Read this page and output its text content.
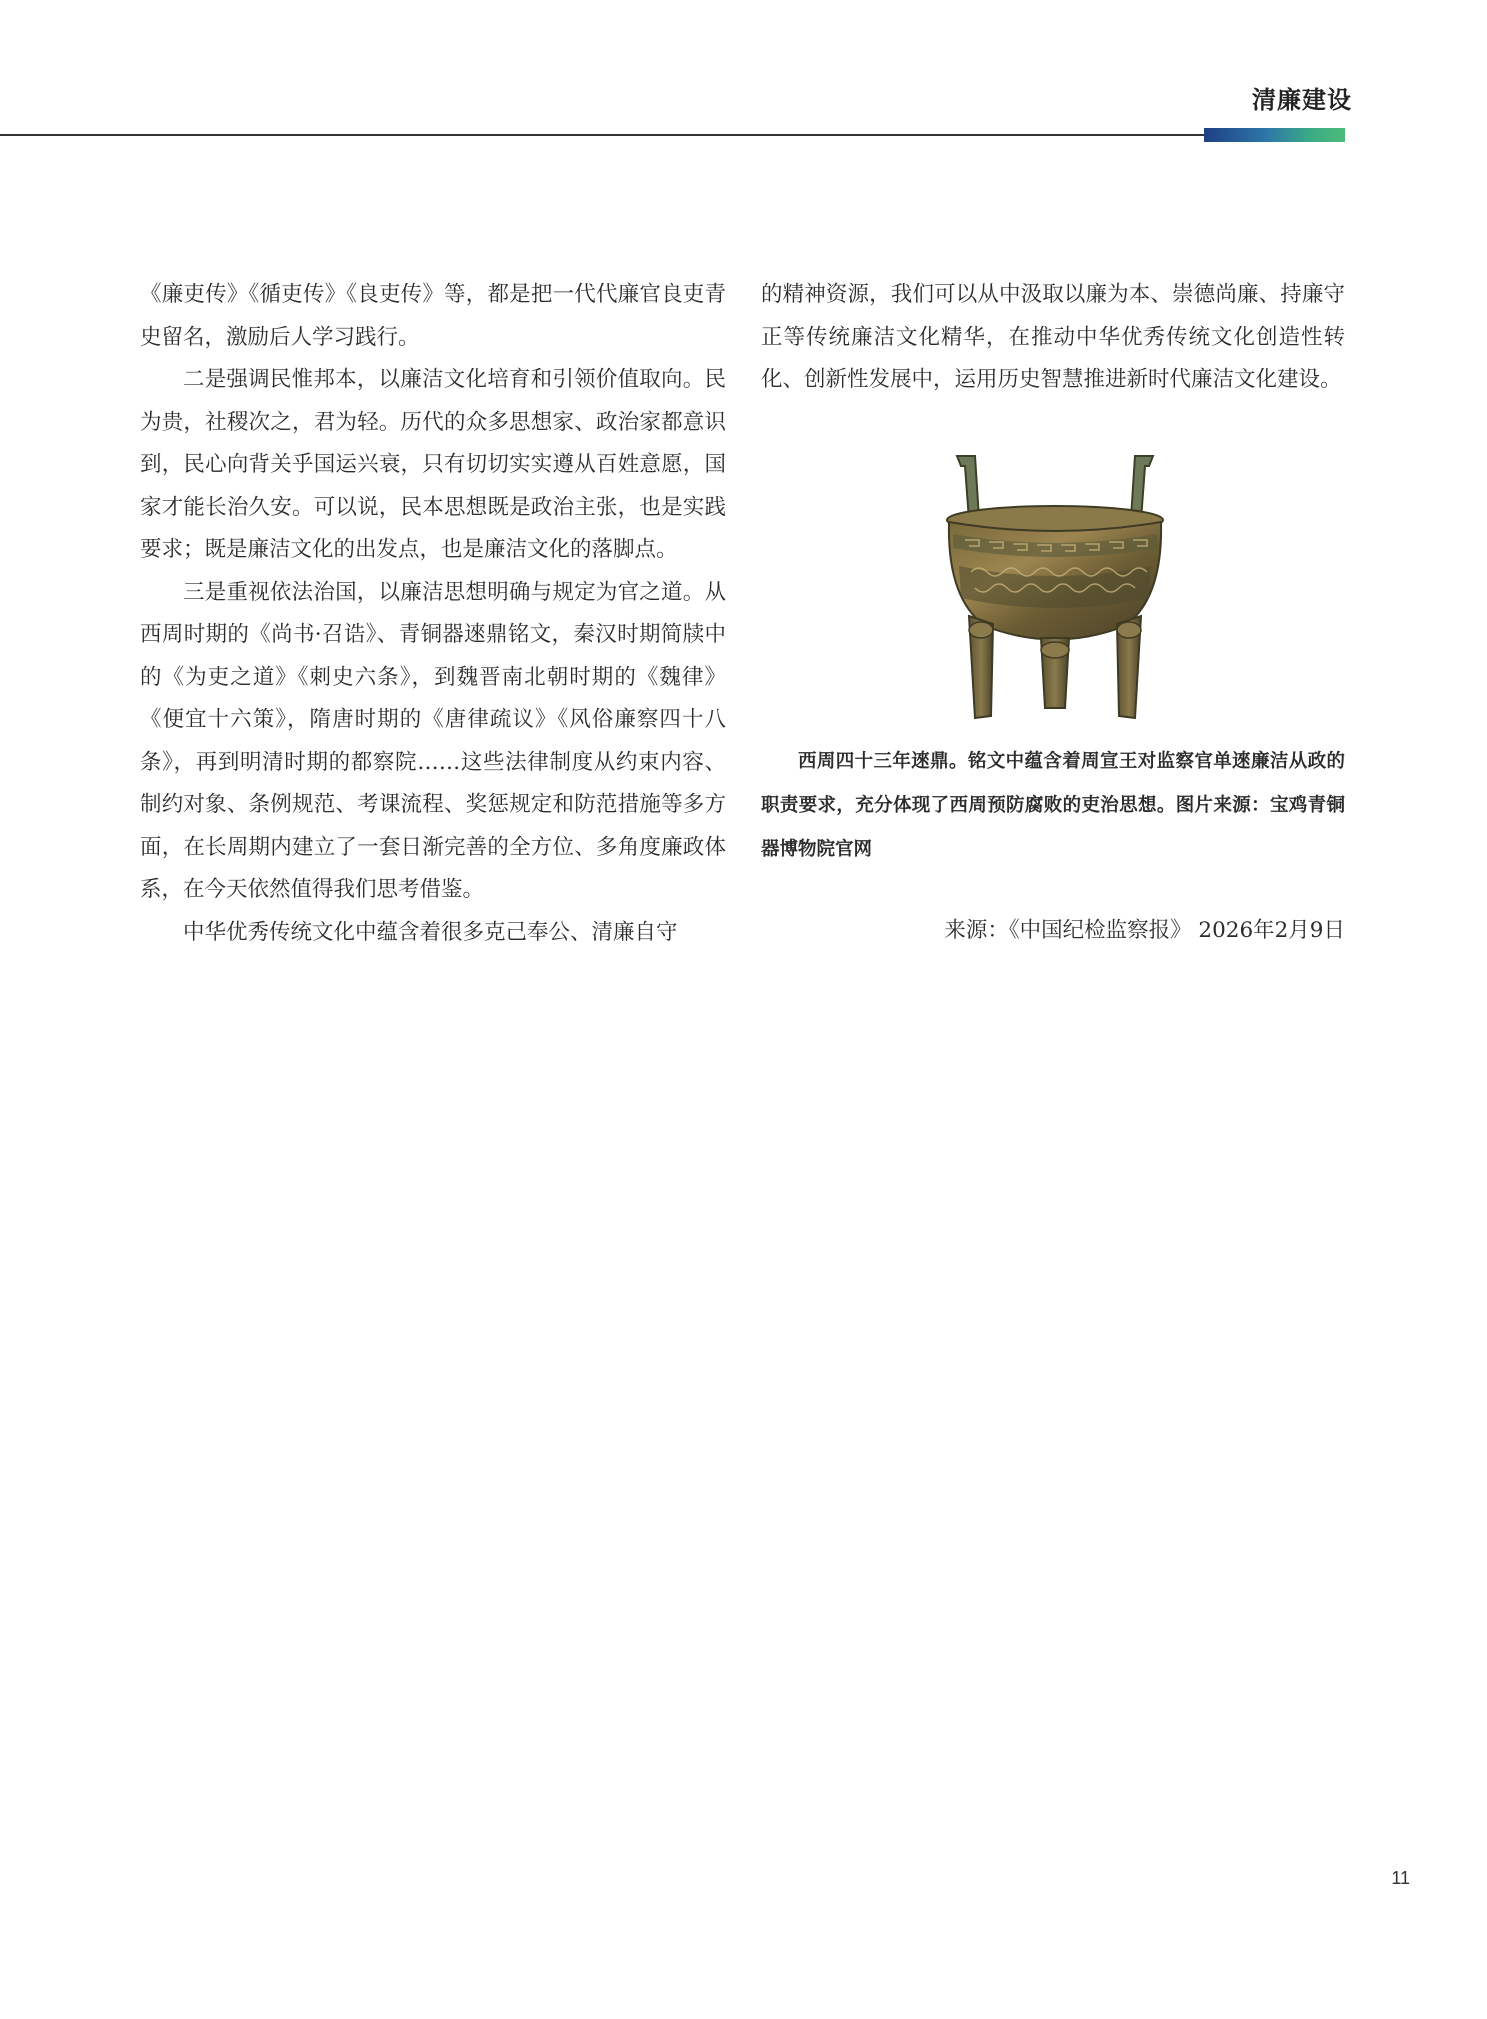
清廉建设

《廉吏传》《循吏传》《良吏传》等，都是把一代代廉官良吏青史留名，激励后人学习践行。

二是强调民惟邦本，以廉洁文化培育和引领价值取向。民为贵，社稷次之，君为轻。历代的众多思想家、政治家都意识到，民心向背关乎国运兴衰，只有切切实实遵从百姓意愿，国家才能长治久安。可以说，民本思想既是政治主张，也是实践要求；既是廉洁文化的出发点，也是廉洁文化的落脚点。

三是重视依法治国，以廉洁思想明确与规定为官之道。从西周时期的《尚书·召诰》、青铜器逨鼎铭文，秦汉时期简牍中的《为吏之道》《刺史六条》，到魏晋南北朝时期的《魏律》《便宜十六策》，隋唐时期的《唐律疏议》《风俗廉察四十八条》，再到明清时期的都察院……这些法律制度从约束内容、制约对象、条例规范、考课流程、奖惩规定和防范措施等多方面，在长周期内建立了一套日渐完善的全方位、多角度廉政体系，在今天依然值得我们思考借鉴。

中华优秀传统文化中蕴含着很多克己奉公、清廉自守

的精神资源，我们可以从中汲取以廉为本、崇德尚廉、持廉守正等传统廉洁文化精华，在推动中华优秀传统文化创造性转化、创新性发展中，运用历史智慧推进新时代廉洁文化建设。

西周四十三年逨鼎。铭文中蕴含着周宣王对监察官单逨廉洁从政的职责要求，充分体现了西周预防腐败的吏治思想。图片来源：宝鸡青铜器博物院官网
来源：《中国纪检监察报》 2026年2月9日
11
